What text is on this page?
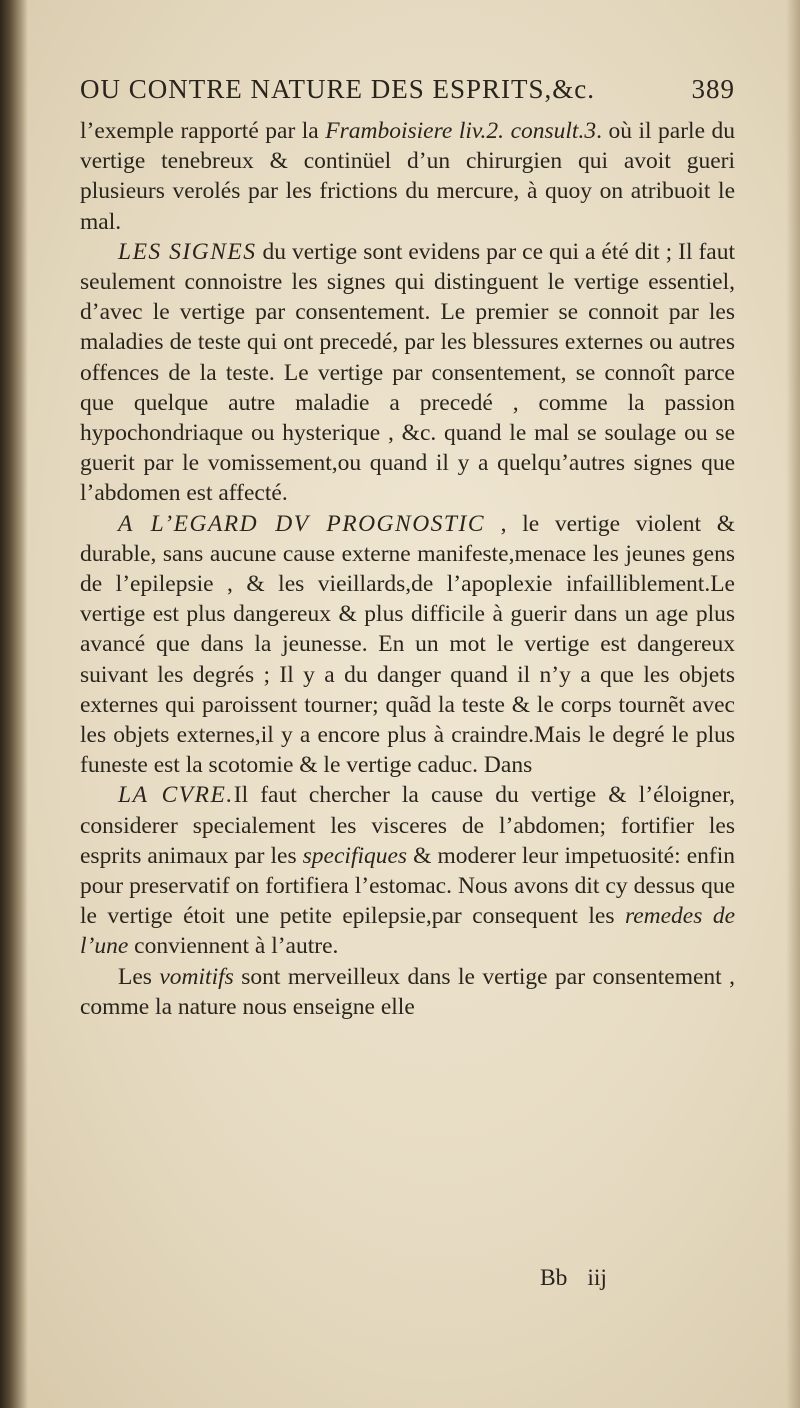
OU CONTRE NATURE DES ESPRITS,&c.	389

l’exemple rapporté par la Framboisiere liv.2. consult.3. où il parle du vertige tenebreux & continüel d’un chirurgien qui avoit gueri plusieurs verolés par les frictions du mercure, à quoy on atribuoit le mal.

LES SIGNES du vertige sont evidens par ce qui a été dit ; Il faut seulement connoistre les signes qui distinguent le vertige essentiel, d’avec le vertige par consentement. Le premier se connoit par les maladies de teste qui ont precedé, par les blessures externes ou autres offences de la teste. Le vertige par consentement, se connoît parce que quelque autre maladie a precedé , comme la passion hypochondriaque ou hysterique , &c. quand le mal se soulage ou se guerit par le vomissement,ou quand il y a quelqu’autres signes que l’abdomen est affecté.

A L’EGARD DV PROGNOSTIC , le vertige violent & durable, sans aucune cause externe manifeste,menace les jeunes gens de l’epilepsie , & les vieillards,de l’apoplexie infailliblement.Le vertige est plus dangereux & plus difficile à guerir dans un age plus avancé que dans la jeunesse. En un mot le vertige est dangereux suivant les degrés ; Il y a du danger quand il n’y a que les objets externes qui paroissent tourner; quãd la teste & le corps tournẽt avec les objets externes,il y a encore plus à craindre.Mais le degré le plus funeste est la scotomie & le vertige caduc. Dans

LA CVRE.Il faut chercher la cause du vertige & l’éloigner, considerer specialement les visceres de l’abdomen; fortifier les esprits animaux par les specifiques & moderer leur impetuosité: enfin pour preservatif on fortifiera l’estomac. Nous avons dit cy dessus que le vertige étoit une petite epilepsie,par consequent les remedes de l’une conviennent à l’autre.

Les vomitifs sont merveilleux dans le vertige par consentement , comme la nature nous enseigne elle

Bb iij
